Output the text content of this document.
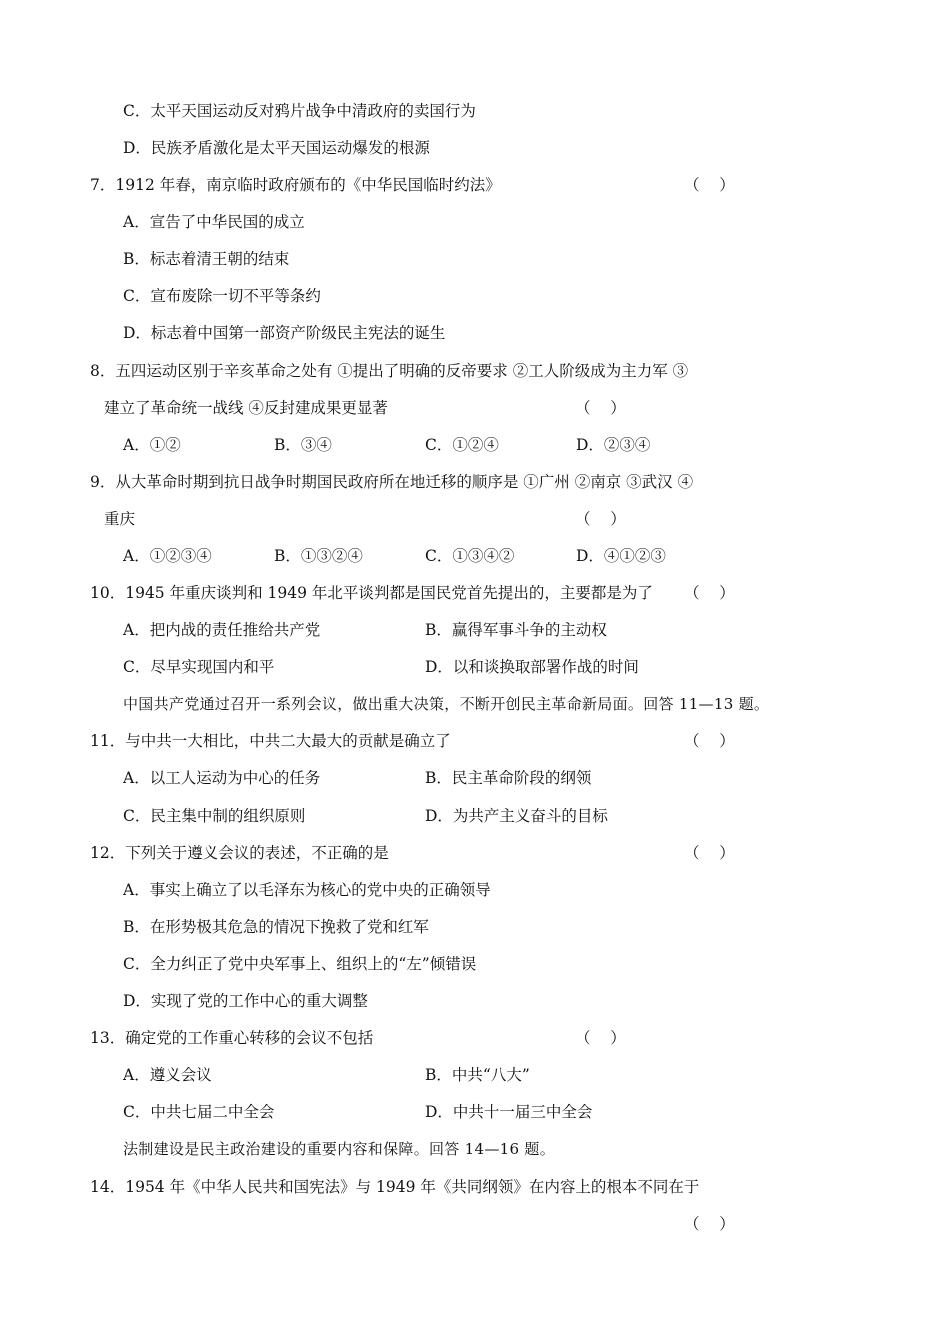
C．太平天国运动反对鸦片战争中清政府的卖国行为
D．民族矛盾激化是太平天国运动爆发的根源
7．1912 年春，南京临时政府颁布的《中华民国临时约法》	（    ）
A．宣告了中华民国的成立
B．标志着清王朝的结束
C．宣布废除一切不平等条约
D．标志着中国第一部资产阶级民主宪法的诞生
8．五四运动区别于辛亥革命之处有 ①提出了明确的反帝要求 ②工人阶级成为主力军 ③
建立了革命统一战线 ④反封建成果更显著	（    ）
A．①②	B．③④	C．①②④	D．②③④
9．从大革命时期到抗日战争时期国民政府所在地迁移的顺序是 ①广州 ②南京 ③武汉 ④
重庆	（    ）
A．①②③④	B．①③②④	C．①③④②	D．④①②③
10．1945 年重庆谈判和 1949 年北平谈判都是国民党首先提出的，主要都是为了 （    ）
A．把内战的责任推给共产党	B．赢得军事斗争的主动权
C．尽早实现国内和平	D．以和谈换取部署作战的时间
中国共产党通过召开一系列会议，做出重大决策，不断开创民主革命新局面。回答 11—13 题。
11．与中共一大相比，中共二大最大的贡献是确立了	（    ）
A．以工人运动为中心的任务	B．民主革命阶段的纲领
C．民主集中制的组织原则	D．为共产主义奋斗的目标
12．下列关于遵义会议的表述，不正确的是	（    ）
A．事实上确立了以毛泽东为核心的党中央的正确领导
B．在形势极其危急的情况下挽救了党和红军
C．全力纠正了党中央军事上、组织上的“左”倾错误
D．实现了党的工作中心的重大调整
13．确定党的工作重心转移的会议不包括	（    ）
A．遵义会议	B．中共“八大”
C．中共七届二中全会	D．中共十一届三中全会
法制建设是民主政治建设的重要内容和保障。回答 14—16 题。
14．1954 年《中华人民共和国宪法》与 1949 年《共同纲领》在内容上的根本不同在于
（    ）
